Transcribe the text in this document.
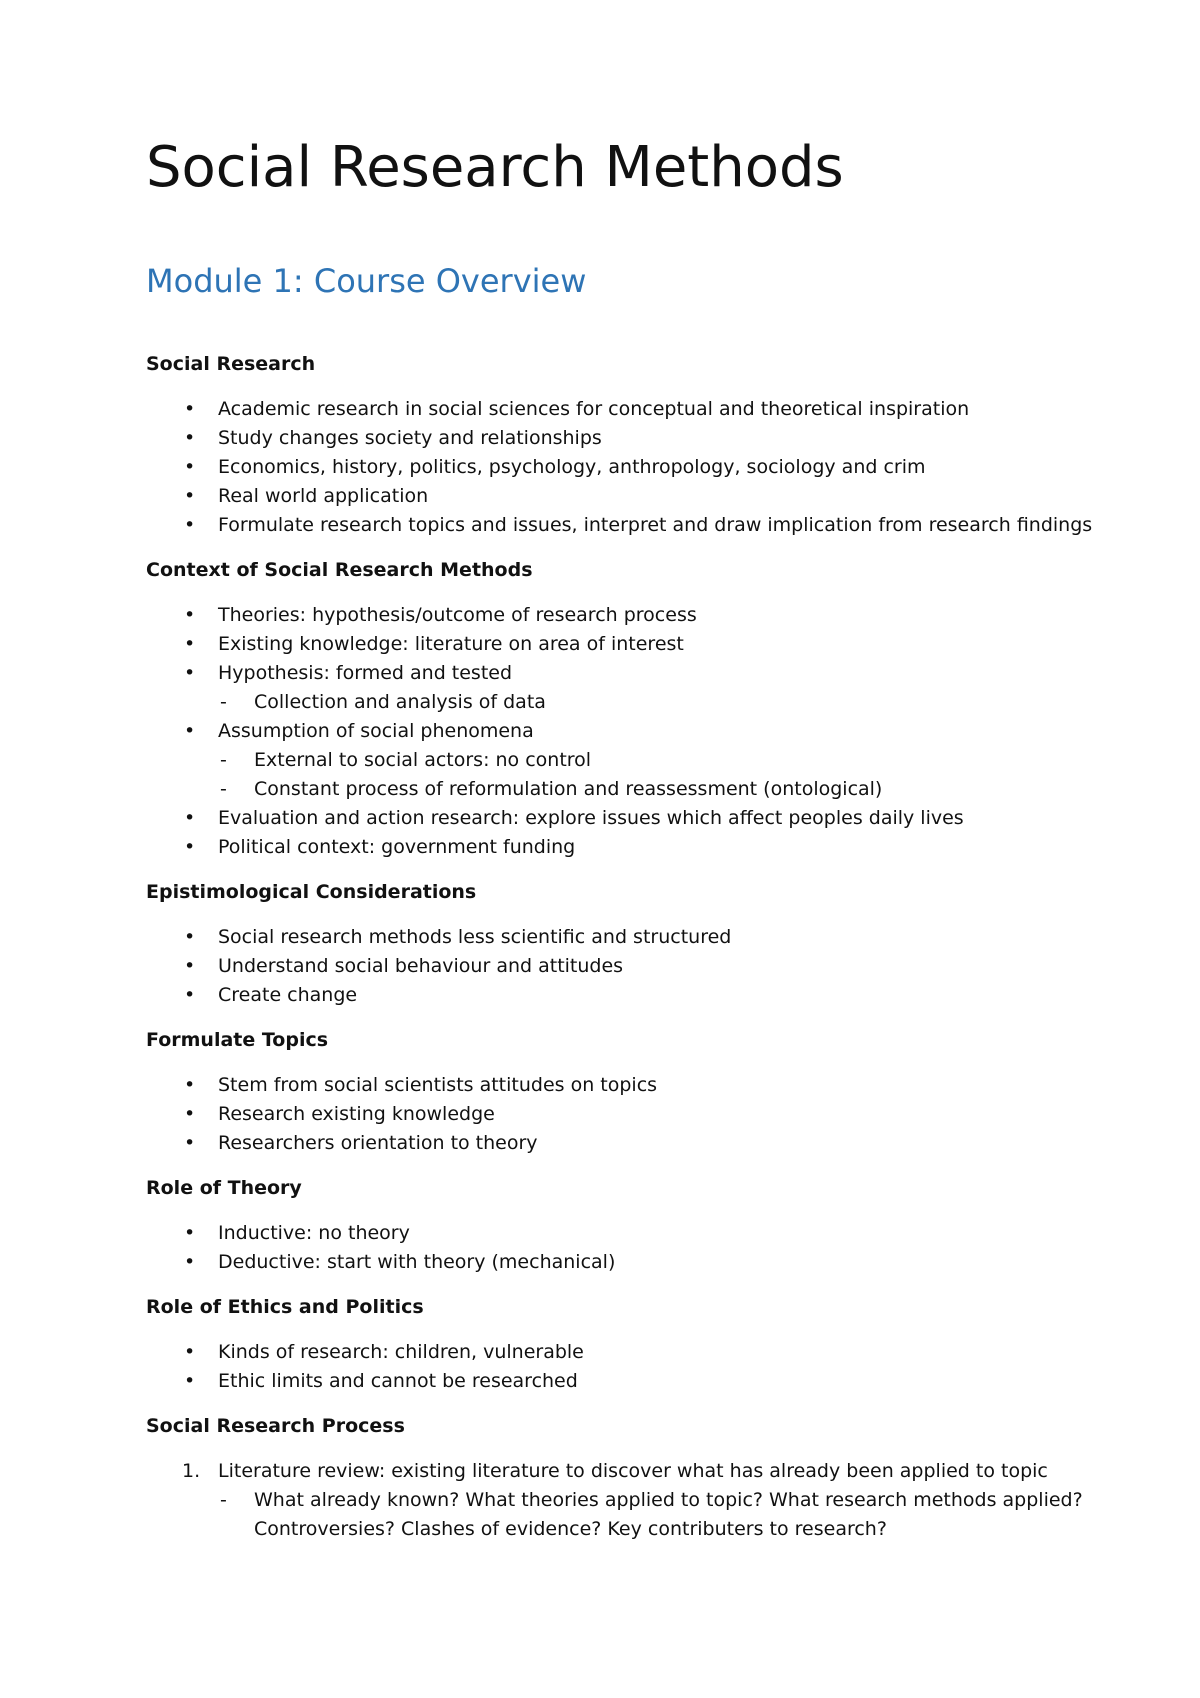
Social Research Methods
Module 1: Course Overview
Social Research
•	Academic research in social sciences for conceptual and theoretical inspiration
•	Study changes society and relationships
•	Economics, history, politics, psychology, anthropology, sociology and crim
•	Real world application
•	Formulate research topics and issues, interpret and draw implication from research findings
Context of Social Research Methods
•	Theories: hypothesis/outcome of research process
•	Existing knowledge: literature on area of interest
•	Hypothesis: formed and tested
- Collection and analysis of data
•	Assumption of social phenomena
- External to social actors: no control
- Constant process of reformulation and reassessment (ontological)
•	Evaluation and action research: explore issues which affect peoples daily lives
•	Political context: government funding
Epistimological Considerations
•	Social research methods less scientific and structured
•	Understand social behaviour and attitudes
•	Create change
Formulate Topics
•	Stem from social scientists attitudes on topics
•	Research existing knowledge
•	Researchers orientation to theory
Role of Theory
•	Inductive: no theory
•	Deductive: start with theory (mechanical)
Role of Ethics and Politics
•	Kinds of research: children, vulnerable
•	Ethic limits and cannot be researched
Social Research Process
1. Literature review: existing literature to discover what has already been applied to topic
- What already known? What theories applied to topic? What research methods applied? Controversies? Clashes of evidence? Key contributers to research?
